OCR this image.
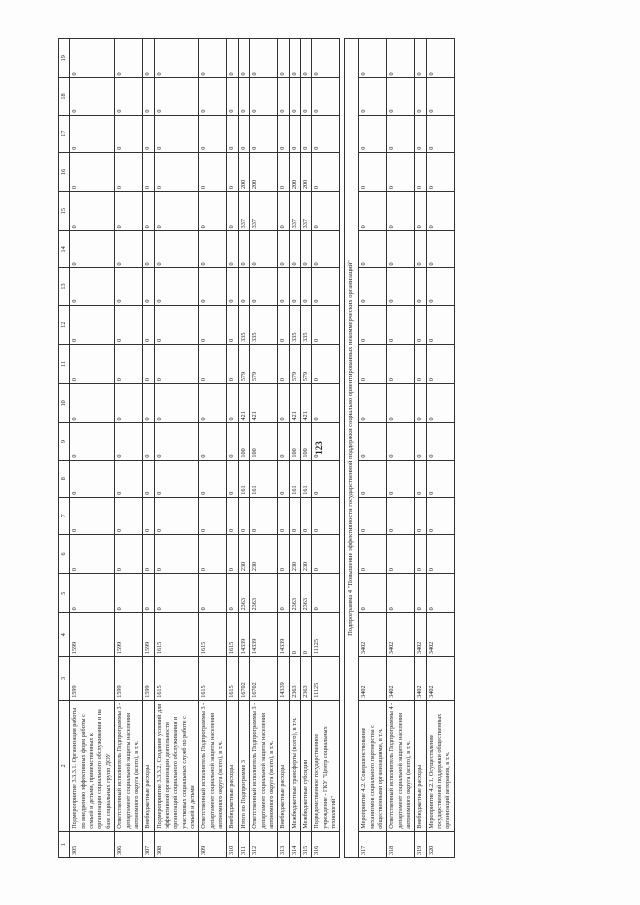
123
1	2	3	4	5	6	7	8	9	10	11	12	13	14	15	16	17	18	19
305	Подмероприятие 3.3.3.1. Организация работы по внедрению эффективных форм работы с семьей и детьми, прииемственных к организации социального обслуживания и на базе социальных групп ДОУ	1599	1599	0	0	0	0	0	0	0	0	0	0	0	0	0	0	0
306	Ответственный исполнитель Подпрограммы 3 - департамент социальной защиты населения автономного округа (всего), в т.ч.	1599	1599	0	0	0	0	0	0	0	0	0	0	0	0	0	0	0
307	Внебюджетные расходы	1599	1599	0	0	0	0	0	0	0	0	0	0	0	0	0	0	0
308	Подмероприятие 3.3.3.2. Создание условий для эффективной организации деятельности организаций социального обслуживания и участковых социальных служб по работе с семьей и детьми	1615	1615	0	0	0	0	0	0	0	0	0	0	0	0	0	0	0
309	Ответственный исполнитель Подпрограммы 3 - департамент социальной защиты населения автономного округа (всего), в т.ч.	1615	1615	0	0	0	0	0	0	0	0	0	0	0	0	0	0	0
310	Внебюджетные расходы	1615	1615	0	0	0	0	0	0	0	0	0	0	0	0	0	0	0
311	Итого по Подпрограмме 3	16702	14339	2363	230	0	161	100	421	579	335	0	0	337	200	0	0	0
312	Ответственный исполнитель Подпрограммы 3 - департамент социальной защиты населения автономного округа (всего), в т.ч.	16702	14339	2363	230	0	161	100	421	579	335	0	0	337	200	0	0	0
313	Внебюджетные расходы	14339	14339	0	0	0	0	0	0	0	0	0	0	0	0	0	0	0
314	Межбюджетные трансферты (всего), в т.ч.	2363	0	2363	230	0	161	100	421	579	335	0	0	337	200	0	0	0
315	Межбюджетные субсидии	2363	0	2363	230	0	161	100	421	579	335	0	0	337	200	0	0	0
316	Подведомственное государственное учреждение - ГКУ "Центр социальных технологий"	11125	11125	0	0	0	0	0	0	0	0	0	0	0	0	0	0	0

Подпрограмма 4 "Повышение эффективности государственной поддержки социально ориентированных некоммерческих организаций"																		
317	Мероприятие 4.2. Совершенствование механизмов социального партнерства с общественными организациями, в т.ч.	3402	3402	0	0	0	0	0	0	0	0	0	0	0	0	0	0	0
318	Ответственный исполнитель Подпрограммы 4 - департамент социальной защиты населения автономного округа (всего), в т.ч.	3402	3402	0	0	0	0	0	0	0	0	0	0	0	0	0	0	0
319	Внебюджетные расходы	3402	3402	0	0	0	0	0	0	0	0	0	0	0	0	0	0	0
320	Мероприятие 4.2.1. Осуществление государственной поддержки общественных организаций ветеранов, в т.ч.	3402	3402	0	0	0	0	0	0	0	0	0	0	0	0	0	0	0
